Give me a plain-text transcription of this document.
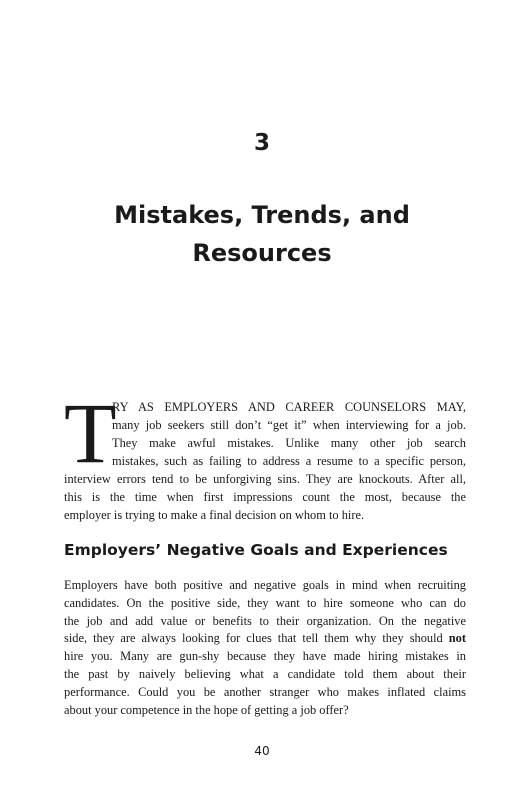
3
Mistakes, Trends, and
Resources
T
RY AS EMPLOYERS AND CAREER COUNSELORS MAY,
many job seekers still don’t “get it” when interviewing for a job.
They make awful mistakes. Unlike many other job search
mistakes, such as failing to address a resume to a specific person,
interview errors tend to be unforgiving sins. They are knockouts. After all,
this is the time when first impressions count the most, because the
employer is trying to make a final decision on whom to hire.
Employers’ Negative Goals and Experiences
Employers have both positive and negative goals in mind when recruiting
candidates. On the positive side, they want to hire someone who can do
the job and add value or benefits to their organization. On the negative
side, they are always looking for clues that tell them why they should not
hire you. Many are gun-shy because they have made hiring mistakes in
the past by naively believing what a candidate told them about their
performance. Could you be another stranger who makes inflated claims
about your competence in the hope of getting a job offer?
40
